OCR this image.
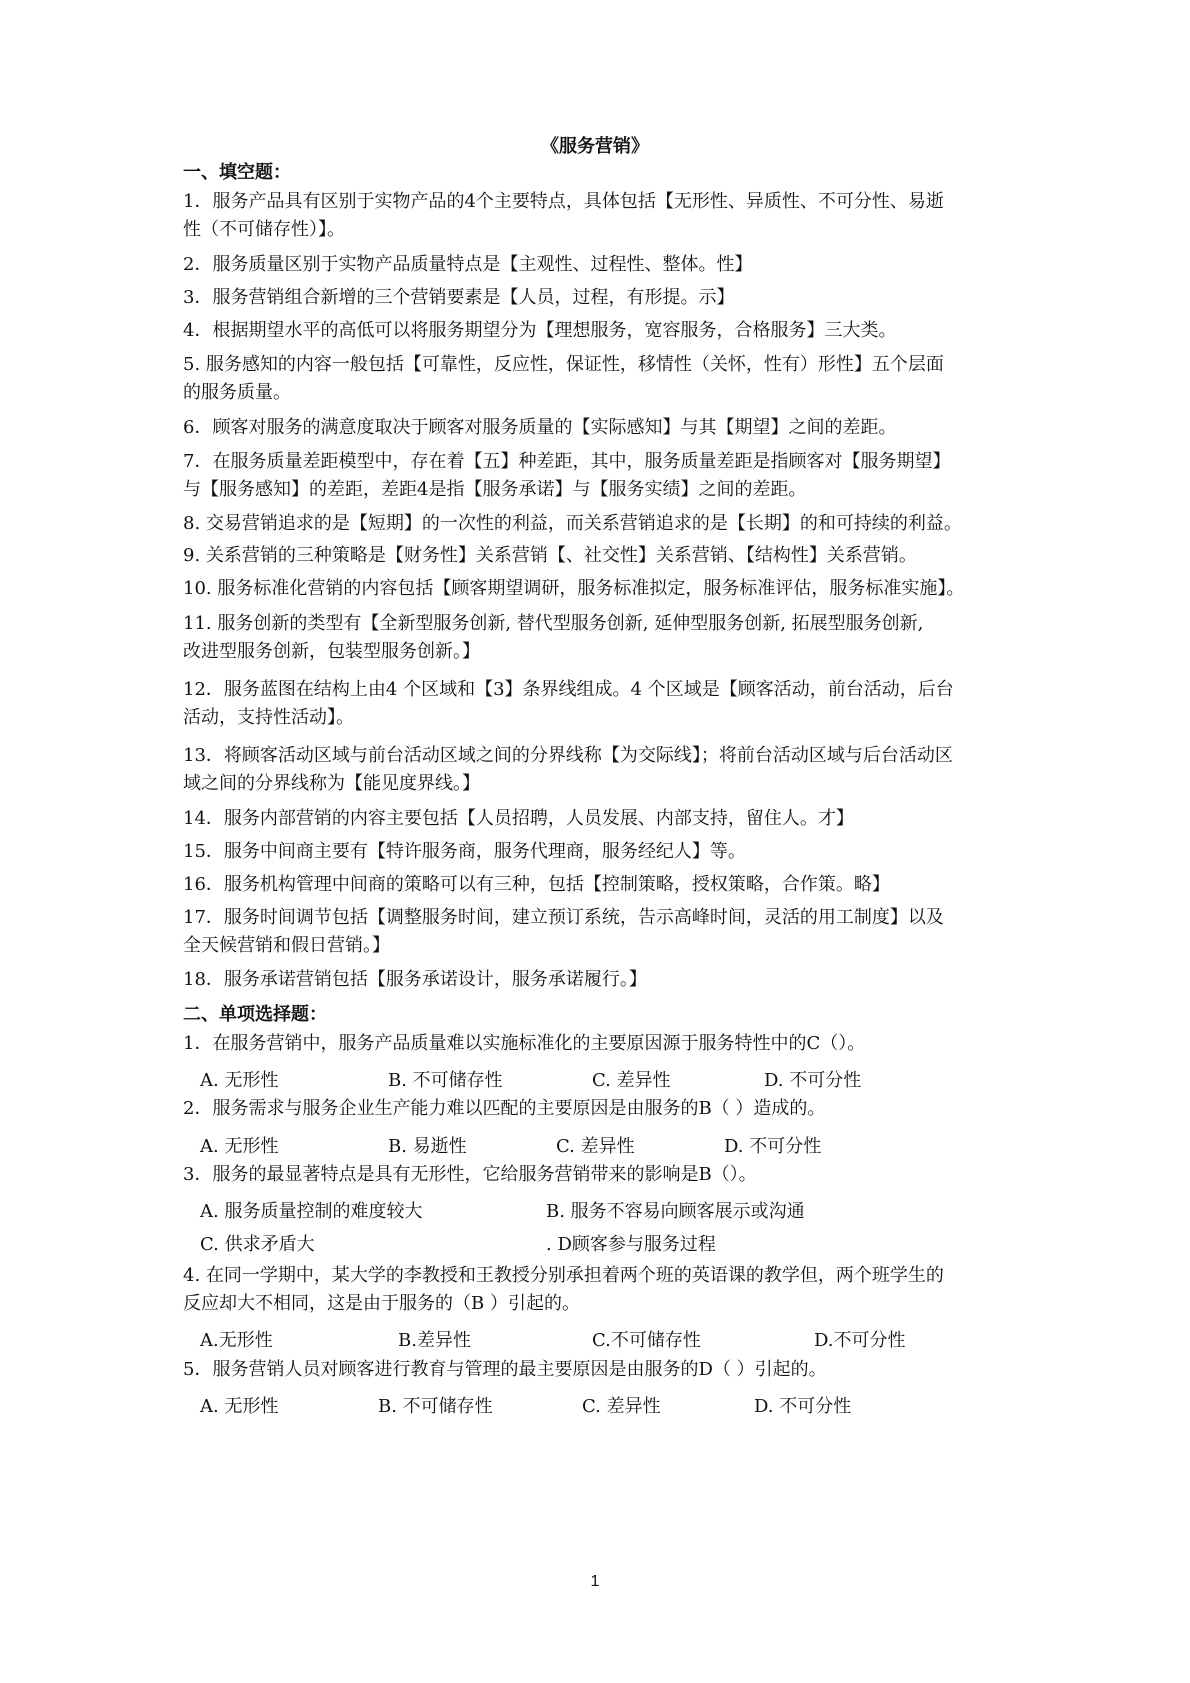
《服务营销》
一、填空题：
1．服务产品具有区别于实物产品的4个主要特点，具体包括【无形性、异质性、不可分性、易逝
性（不可储存性）】。
2．服务质量区别于实物产品质量特点是【主观性、过程性、整体。性】
3．服务营销组合新增的三个营销要素是【人员，过程，有形提。示】
4．根据期望水平的高低可以将服务期望分为【理想服务，宽容服务，合格服务】三大类。
5. 服务感知的内容一般包括【可靠性，反应性，保证性，移情性（关怀，性有）形性】五个层面
的服务质量。
6．顾客对服务的满意度取决于顾客对服务质量的【实际感知】与其【期望】之间的差距。
7．在服务质量差距模型中，存在着【五】种差距，其中，服务质量差距是指顾客对【服务期望】
与【服务感知】的差距，差距4是指【服务承诺】与【服务实绩】之间的差距。
8. 交易营销追求的是【短期】的一次性的利益，而关系营销追求的是【长期】的和可持续的利益。
9. 关系营销的三种策略是【财务性】关系营销【、社交性】关系营销、【结构性】关系营销。
10. 服务标准化营销的内容包括【顾客期望调研，服务标准拟定，服务标准评估，服务标准实施】。
11. 服务创新的类型有【全新型服务创新, 替代型服务创新, 延伸型服务创新, 拓展型服务创新,
改进型服务创新，包装型服务创新。】
12．服务蓝图在结构上由4 个区域和【3】条界线组成。4 个区域是【顾客活动，前台活动，后台
活动，支持性活动】。
13．将顾客活动区域与前台活动区域之间的分界线称【为交际线】；将前台活动区域与后台活动区
域之间的分界线称为【能见度界线。】
14．服务内部营销的内容主要包括【人员招聘，人员发展、内部支持，留住人。才】
15．服务中间商主要有【特许服务商，服务代理商，服务经纪人】等。
16．服务机构管理中间商的策略可以有三种，包括【控制策略，授权策略，合作策。略】
17．服务时间调节包括【调整服务时间，建立预订系统，告示高峰时间，灵活的用工制度】以及
全天候营销和假日营销。】
18．服务承诺营销包括【服务承诺设计，服务承诺履行。】
二、单项选择题：
1．在服务营销中，服务产品质量难以实施标准化的主要原因源于服务特性中的C（）。
A. 无形性	B. 不可储存性	C. 差异性	D. 不可分性
2．服务需求与服务企业生产能力难以匹配的主要原因是由服务的B（ ）造成的。
A. 无形性	B. 易逝性	C. 差异性	D. 不可分性
3．服务的最显著特点是具有无形性，它给服务营销带来的影响是B（）。
A. 服务质量控制的难度较大	B. 服务不容易向顾客展示或沟通
C. 供求矛盾大	. D顾客参与服务过程
4. 在同一学期中，某大学的李教授和王教授分别承担着两个班的英语课的教学但，两个班学生的
反应却大不相同，这是由于服务的（B ）引起的。
A.无形性	B.差异性	C.不可储存性	D.不可分性
5．服务营销人员对顾客进行教育与管理的最主要原因是由服务的D（ ）引起的。
A. 无形性	B. 不可储存性	C. 差异性	D. 不可分性
1
